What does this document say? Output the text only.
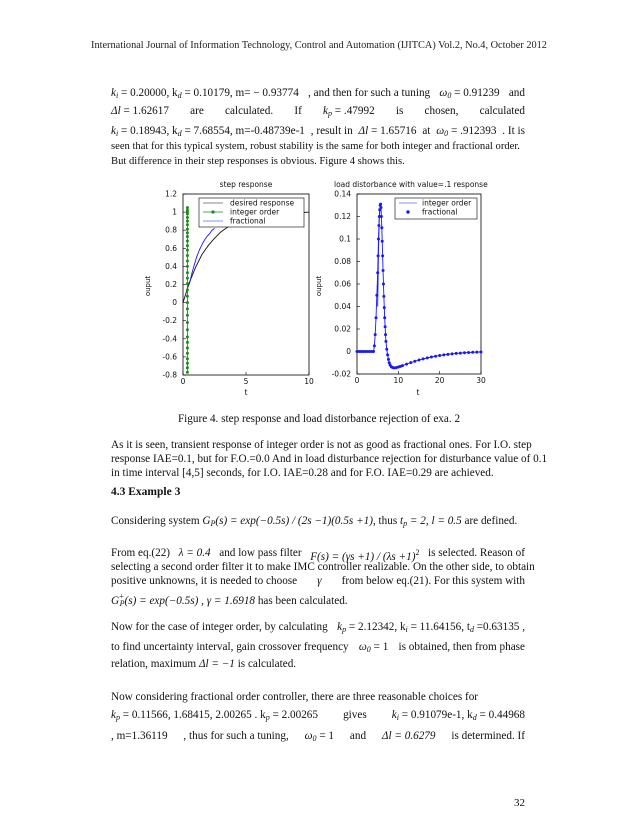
International Journal of Information Technology, Control and Automation (IJITCA) Vol.2, No.4, October 2012
$k_i = 0.20000$, $k_d = 0.10179$, m= − 0.93774 , and then for such a tuning $\omega_0 = 0.91239$ and
Δl = 1.62617 are calculated. If $k_p = .47992$ is chosen, calculated
$k_i = 0.18943$, $k_d = 7.68554$, m=-0.48739e-1 , result in Δl = 1.65716 at $\omega_0 = .912393$ . It is
seen that for this typical system, robust stability is the same for both integer and fractional order.
But difference in their step responses is obvious. Figure 4 shows this.
step response
t
ouput
0	5	10
-0.8
-0.6
-0.4
-0.2
0
0.2
0.4
0.6
0.8
1
1.2
desired response
integer order
fractional
load distorbance with value=.1 response
t
ouput
0	10	20	30
-0.02
0
0.02
0.04
0.06
0.08
0.1
0.12
0.14
integer order
fractional
Figure 4. step response and load distorbance rejection of exa. 2
As it is seen, transient response of integer order is not as good as fractional ones. For I.O. step
response IAE=0.1, but for F.O.=0.0 And in load disturbance rejection for disturbance value of 0.1
in time interval [4,5] seconds, for I.O. IAE=0.28 and for F.O. IAE=0.29 are achieved.
4.3 Example 3
Considering system $G_P(s) = \exp(-0.5s) / (2s -1)(0.5s +1)$, thus $t_p = 2$, l = 0.5 are defined.
From eq.(22) λ = 0.4 and low pass filter $F(s) = (\gamma s +1) / (\lambda s +1)^2$ is selected. Reason of
selecting a second order filter it to make IMC controller realizable. On the other side, to obtain
positive unknowns, it is needed to choose γ from below eq.(21). For this system with
$G^+_P(s) = \exp(-0.5s)$ , γ = 1.6918 has been calculated.
Now for the case of integer order, by calculating $k_p = 2.12342$, $k_i = 11.64156$, $t_d =0.63135$ ,
to find uncertainty interval, gain crossover frequency $\omega_0 = 1$ is obtained, then from phase
relation, maximum Δl = −1 is calculated.
Now considering fractional order controller, there are three reasonable choices for
$k_p = 0.11566$, 1.68415, 2.00265 . $k_p = 2.00265$ gives $k_i = 0.91079e-1$, $k_d = 0.44968$
, m=1.36119 , thus for such a tuning, $\omega_0 = 1$ and Δl = 0.6279 is determined. If
32
